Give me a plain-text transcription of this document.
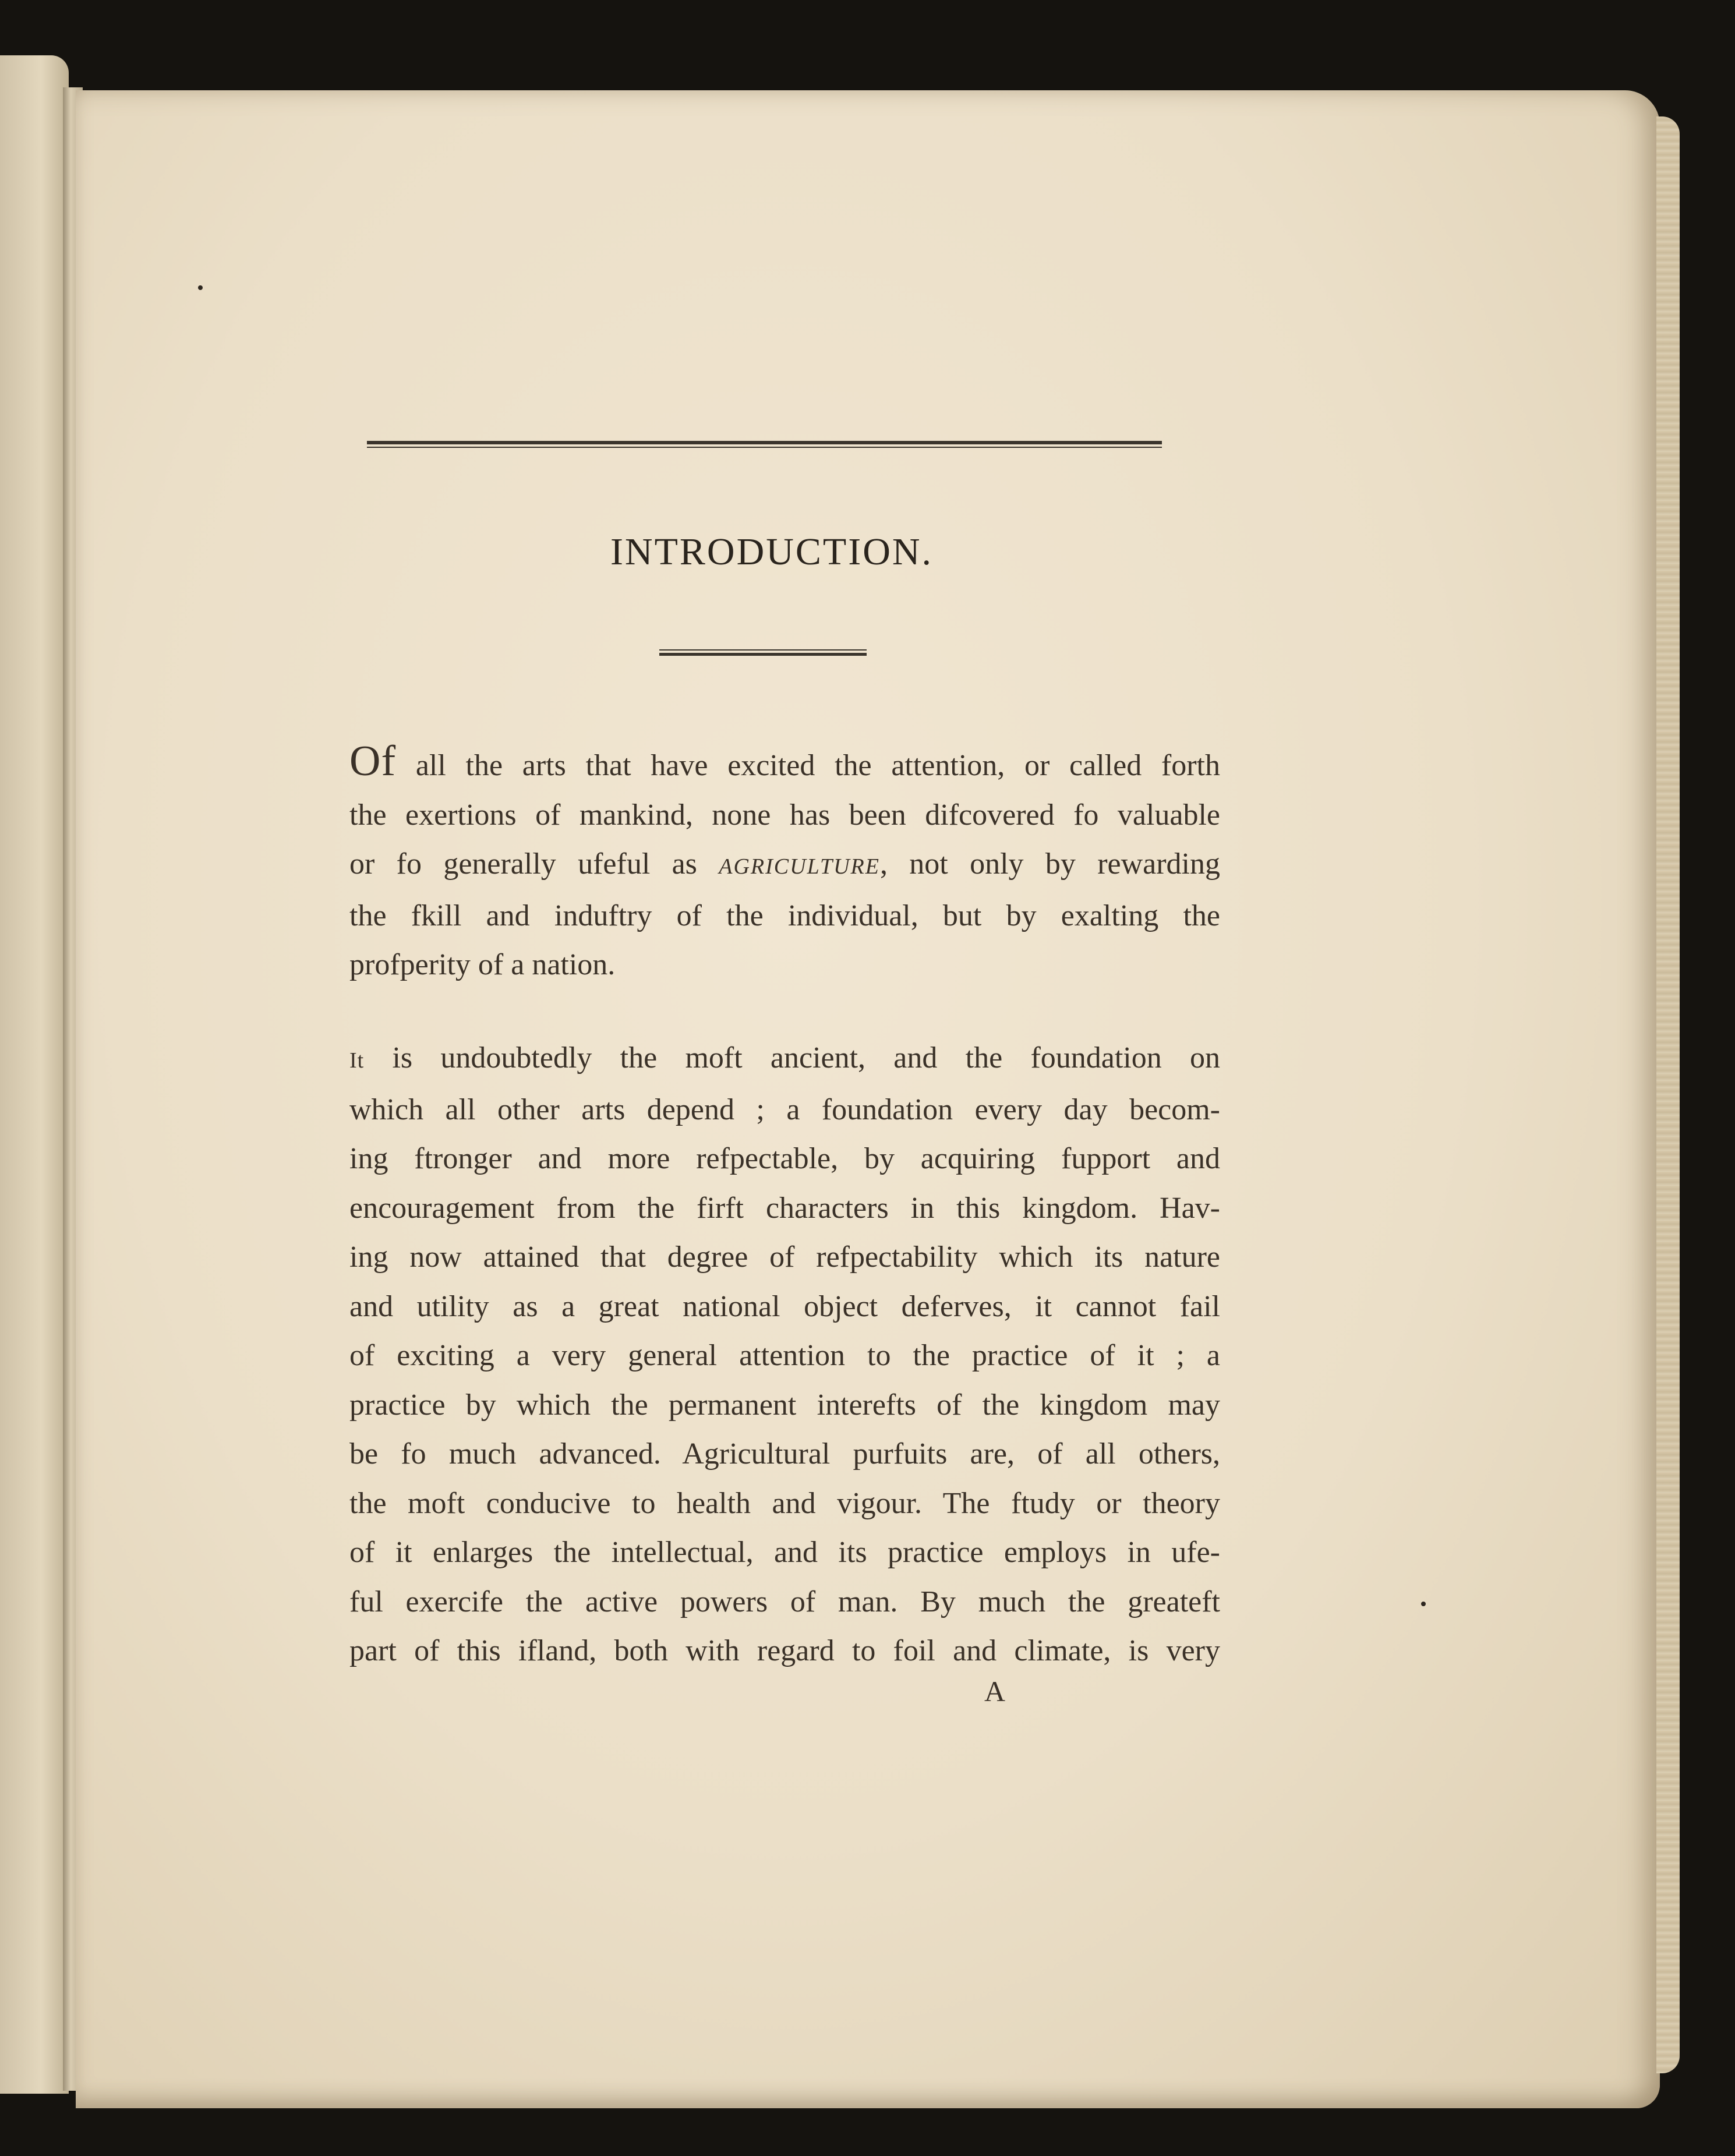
INTRODUCTION.
Of all the arts that have excited the attention, or called forth
the exertions of mankind, none has been difcovered fo valuable
or fo generally ufeful as AGRICULTURE, not only by rewarding
the fkill and induftry of the individual, but by exalting the
profperity of a nation.
It is undoubtedly the moft ancient, and the foundation on
which all other arts depend ; a foundation every day becom-
ing ftronger and more refpectable, by acquiring fupport and
encouragement from the firft characters in this kingdom. Hav-
ing now attained that degree of refpectability which its nature
and utility as a great national object deferves, it cannot fail
of exciting a very general attention to the practice of it ; a
practice by which the permanent interefts of the kingdom may
be fo much advanced. Agricultural purfuits are, of all others,
the moft conducive to health and vigour. The ftudy or theory
of it enlarges the intellectual, and its practice employs in ufe-
ful exercife the active powers of man. By much the greateft
part of this ifland, both with regard to foil and climate, is very
A
